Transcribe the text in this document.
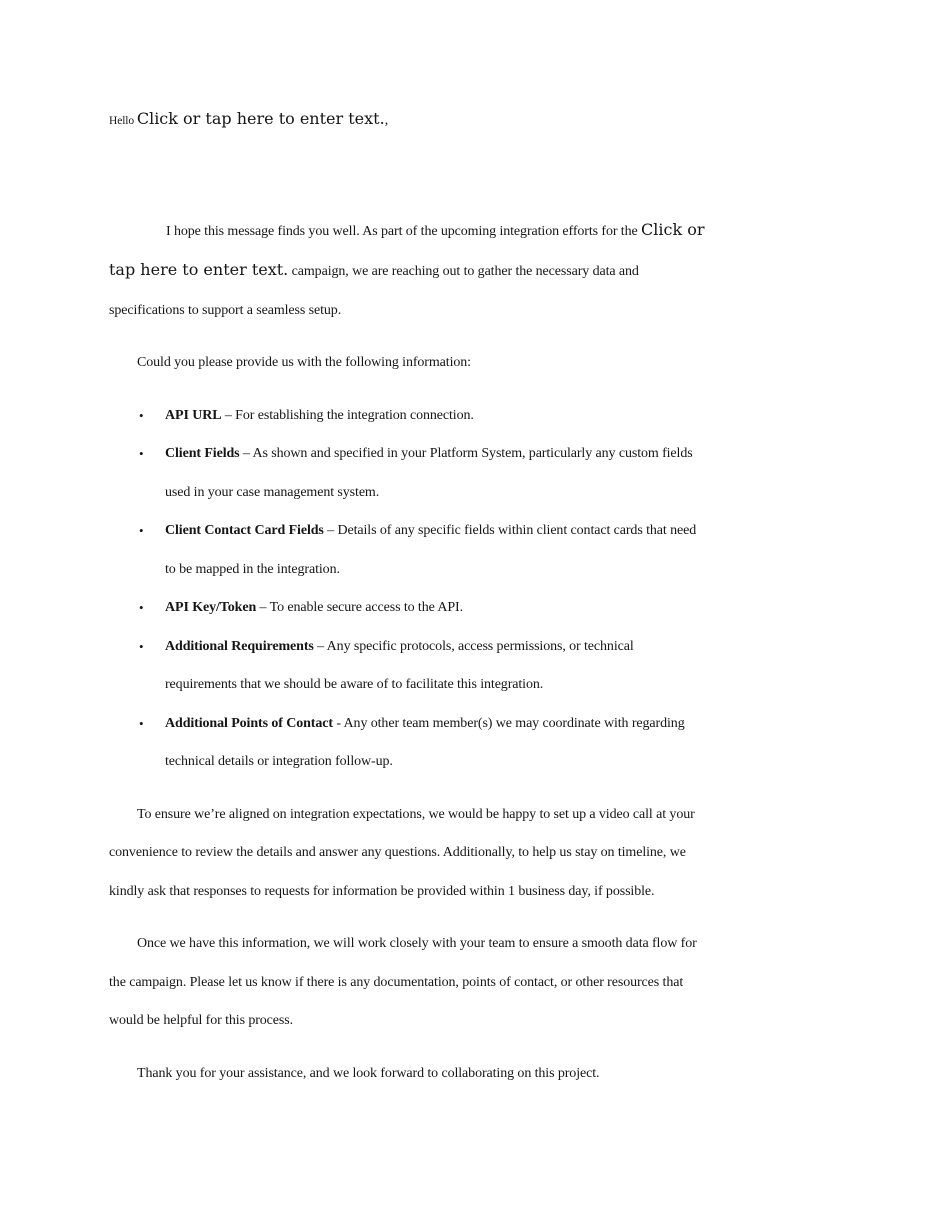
Hello Click or tap here to enter text.,
I hope this message finds you well. As part of the upcoming integration efforts for the Click or
tap here to enter text. campaign, we are reaching out to gather the necessary data and
specifications to support a seamless setup.
Could you please provide us with the following information:
• API URL – For establishing the integration connection.
• Client Fields – As shown and specified in your Platform System, particularly any custom fields
used in your case management system.
• Client Contact Card Fields – Details of any specific fields within client contact cards that need
to be mapped in the integration.
• API Key/Token – To enable secure access to the API.
• Additional Requirements – Any specific protocols, access permissions, or technical
requirements that we should be aware of to facilitate this integration.
• Additional Points of Contact - Any other team member(s) we may coordinate with regarding
technical details or integration follow-up.
To ensure we’re aligned on integration expectations, we would be happy to set up a video call at your
convenience to review the details and answer any questions. Additionally, to help us stay on timeline, we
kindly ask that responses to requests for information be provided within 1 business day, if possible.
Once we have this information, we will work closely with your team to ensure a smooth data flow for
the campaign. Please let us know if there is any documentation, points of contact, or other resources that
would be helpful for this process.
Thank you for your assistance, and we look forward to collaborating on this project.
